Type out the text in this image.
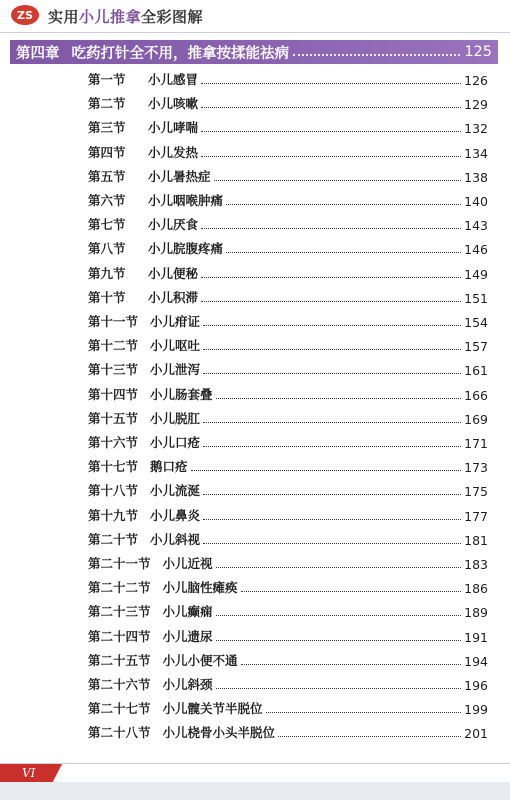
ZS 实用小儿推拿全彩图解
第四章 吃药打针全不用，推拿按揉能祛病	125
第一节	小儿感冒	126
第二节	小儿咳嗽	129
第三节	小儿哮喘	132
第四节	小儿发热	134
第五节	小儿暑热症	138
第六节	小儿咽喉肿痛	140
第七节	小儿厌食	143
第八节	小儿脘腹疼痛	146
第九节	小儿便秘	149
第十节	小儿积滞	151
第十一节 小儿疳证	154
第十二节 小儿呕吐	157
第十三节 小儿泄泻	161
第十四节 小儿肠套叠	166
第十五节 小儿脱肛	169
第十六节 小儿口疮	171
第十七节 鹅口疮	173
第十八节 小儿流涎	175
第十九节 小儿鼻炎	177
第二十节 小儿斜视	181
第二十一节 小儿近视	183
第二十二节 小儿脑性瘫痪	186
第二十三节 小儿癫痫	189
第二十四节 小儿遗尿	191
第二十五节 小儿小便不通	194
第二十六节 小儿斜颈	196
第二十七节 小儿髋关节半脱位	199
第二十八节 小儿桡骨小头半脱位	201
VI
